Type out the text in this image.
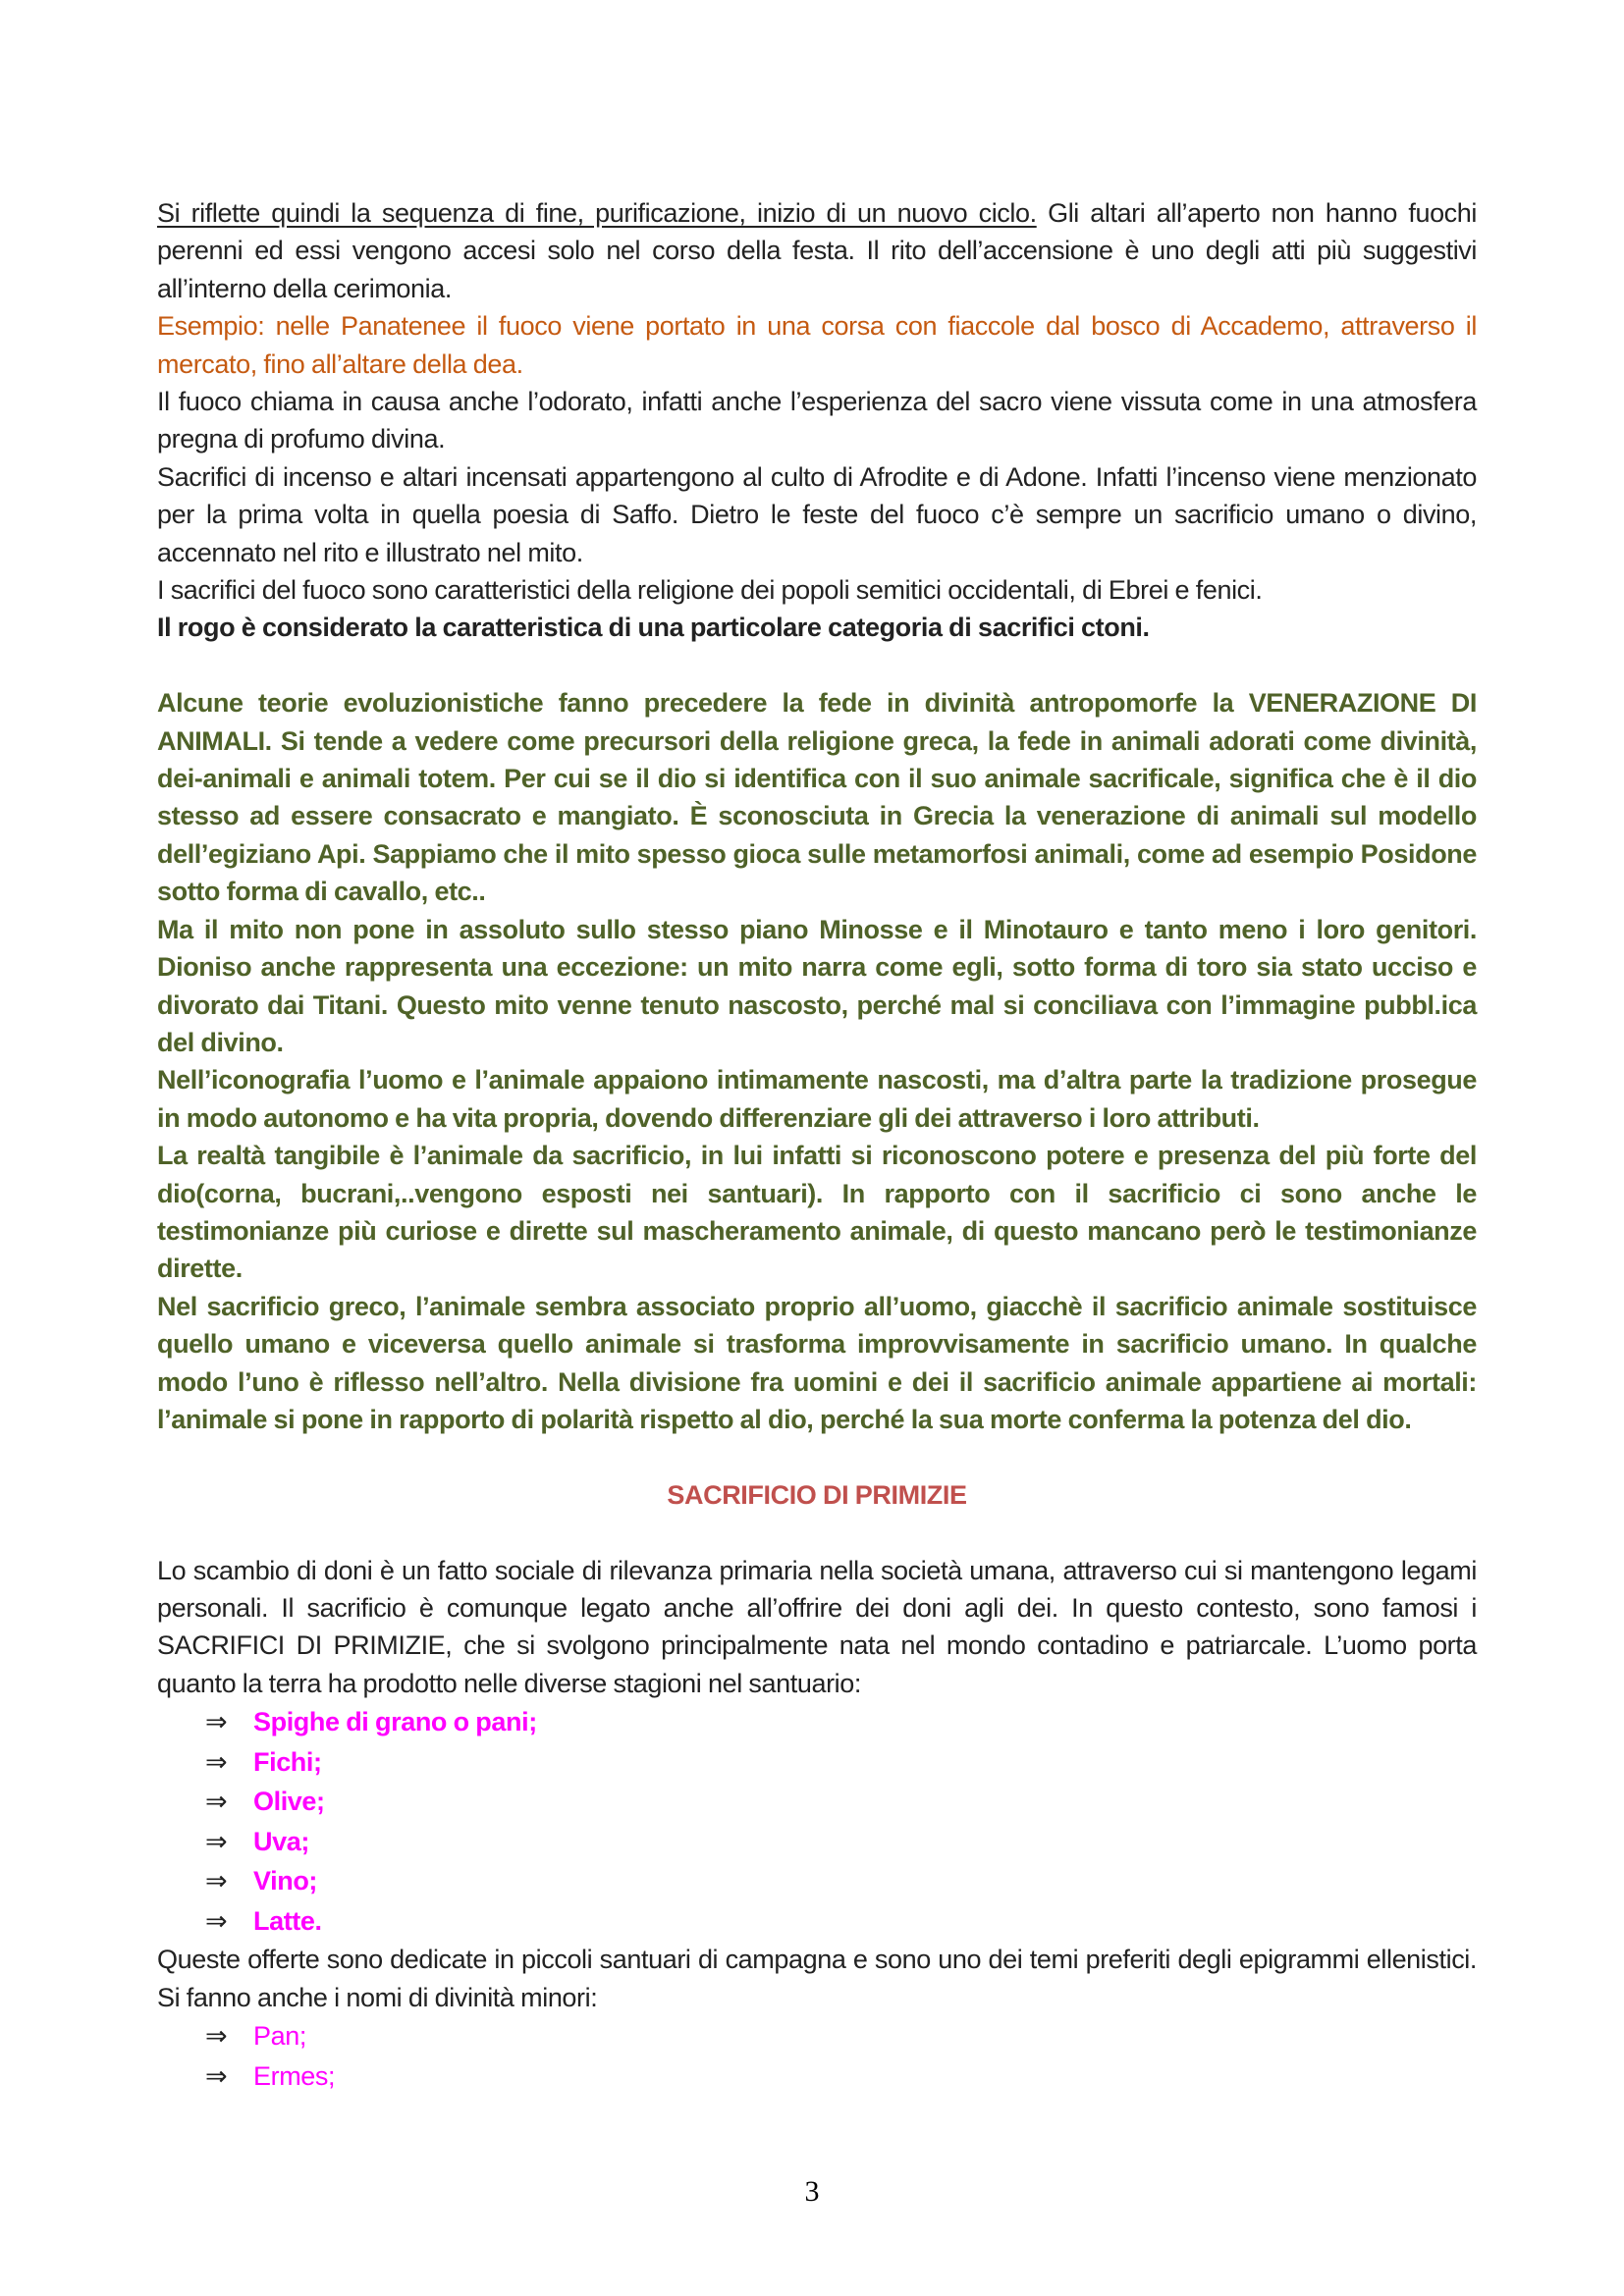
Si riflette quindi la sequenza di fine, purificazione, inizio di un nuovo ciclo. Gli altari all’aperto non hanno fuochi perenni ed essi vengono accesi solo nel corso della festa. Il rito dell’accensione è uno degli atti più suggestivi all’interno della cerimonia.

Esempio: nelle Panatenee il fuoco viene portato in una corsa con fiaccole dal bosco di Accademo, attraverso il mercato, fino all’altare della dea.

Il fuoco chiama in causa anche l’odorato, infatti anche l’esperienza del sacro viene vissuta come in una atmosfera pregna di profumo divina.

Sacrifici di incenso e altari incensati appartengono al culto di Afrodite e di Adone. Infatti l’incenso viene menzionato per la prima volta in quella poesia di Saffo. Dietro le feste del fuoco c’è sempre un sacrificio umano o divino, accennato nel rito e illustrato nel mito.

I sacrifici del fuoco sono caratteristici della religione dei popoli semitici occidentali, di Ebrei e fenici.

Il rogo è considerato la caratteristica di una particolare categoria di sacrifici ctoni.

Alcune teorie evoluzionistiche fanno precedere la fede in divinità antropomorfe la VENERAZIONE DI ANIMALI. Si tende a vedere come precursori della religione greca, la fede in animali adorati come divinità, dei-animali e animali totem. Per cui se il dio si identifica con il suo animale sacrificale, significa che è il dio stesso ad essere consacrato e mangiato. È sconosciuta in Grecia la venerazione di animali sul modello dell’egiziano Api. Sappiamo che il mito spesso gioca sulle metamorfosi animali, come ad esempio Posidone sotto forma di cavallo, etc..

Ma il mito non pone in assoluto sullo stesso piano Minosse e il Minotauro e tanto meno i loro genitori. Dioniso anche rappresenta una eccezione: un mito narra come egli, sotto forma di toro sia stato ucciso e divorato dai Titani. Questo mito venne tenuto nascosto, perché mal si conciliava con l’immagine pubbl.ica del divino.

Nell’iconografia l’uomo e l’animale appaiono intimamente nascosti, ma d’altra parte la tradizione prosegue in modo autonomo e ha vita propria, dovendo differenziare gli dei attraverso i loro attributi.

La realtà tangibile è l’animale da sacrificio, in lui infatti si riconoscono potere e presenza del più forte del dio(corna, bucrani,..vengono esposti nei santuari). In rapporto con il sacrificio ci sono anche le testimonianze più curiose e dirette sul mascheramento animale, di questo mancano però le testimonianze dirette.

Nel sacrificio greco, l’animale sembra associato proprio all’uomo, giacchè il sacrificio animale sostituisce quello umano e viceversa quello animale si trasforma improvvisamente in sacrificio umano. In qualche modo l’uno è riflesso nell’altro. Nella divisione fra uomini e dei il sacrificio animale appartiene ai mortali: l’animale si pone in rapporto di polarità rispetto al dio, perché la sua morte conferma la potenza del dio.

SACRIFICIO DI PRIMIZIE

Lo scambio di doni è un fatto sociale di rilevanza primaria nella società umana, attraverso cui si mantengono legami personali. Il sacrificio è comunque legato anche all’offrire dei doni agli dei. In questo contesto, sono famosi i SACRIFICI DI PRIMIZIE, che si svolgono principalmente nata nel mondo contadino e patriarcale. L’uomo porta quanto la terra ha prodotto nelle diverse stagioni nel santuario:

⇒ Spighe di grano o pani;
⇒ Fichi;
⇒ Olive;
⇒ Uva;
⇒ Vino;
⇒ Latte.

Queste offerte sono dedicate in piccoli santuari di campagna e sono uno dei temi preferiti degli epigrammi ellenistici. Si fanno anche i nomi di divinità minori:

⇒ Pan;
⇒ Ermes;
3
